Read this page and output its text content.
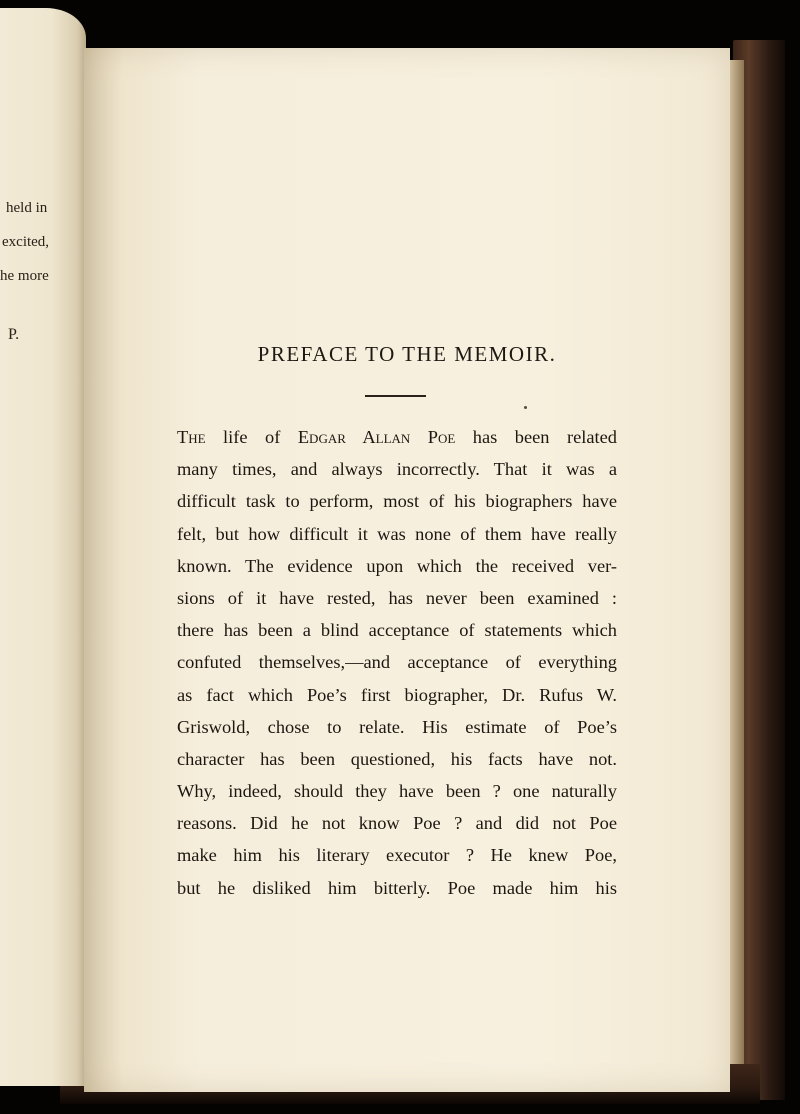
held in
excited,
he more
P.
PREFACE TO THE MEMOIR.
The life of Edgar Allan Poe has been related
many times, and always incorrectly. That it was a
difficult task to perform, most of his biographers have
felt, but how difficult it was none of them have really
known. The evidence upon which the received ver-
sions of it have rested, has never been examined :
there has been a blind acceptance of statements which
confuted themselves,—and acceptance of everything
as fact which Poe’s first biographer, Dr. Rufus W.
Griswold, chose to relate. His estimate of Poe’s
character has been questioned, his facts have not.
Why, indeed, should they have been ? one naturally
reasons. Did he not know Poe ? and did not Poe
make him his literary executor ? He knew Poe,
but he disliked him bitterly. Poe made him his
